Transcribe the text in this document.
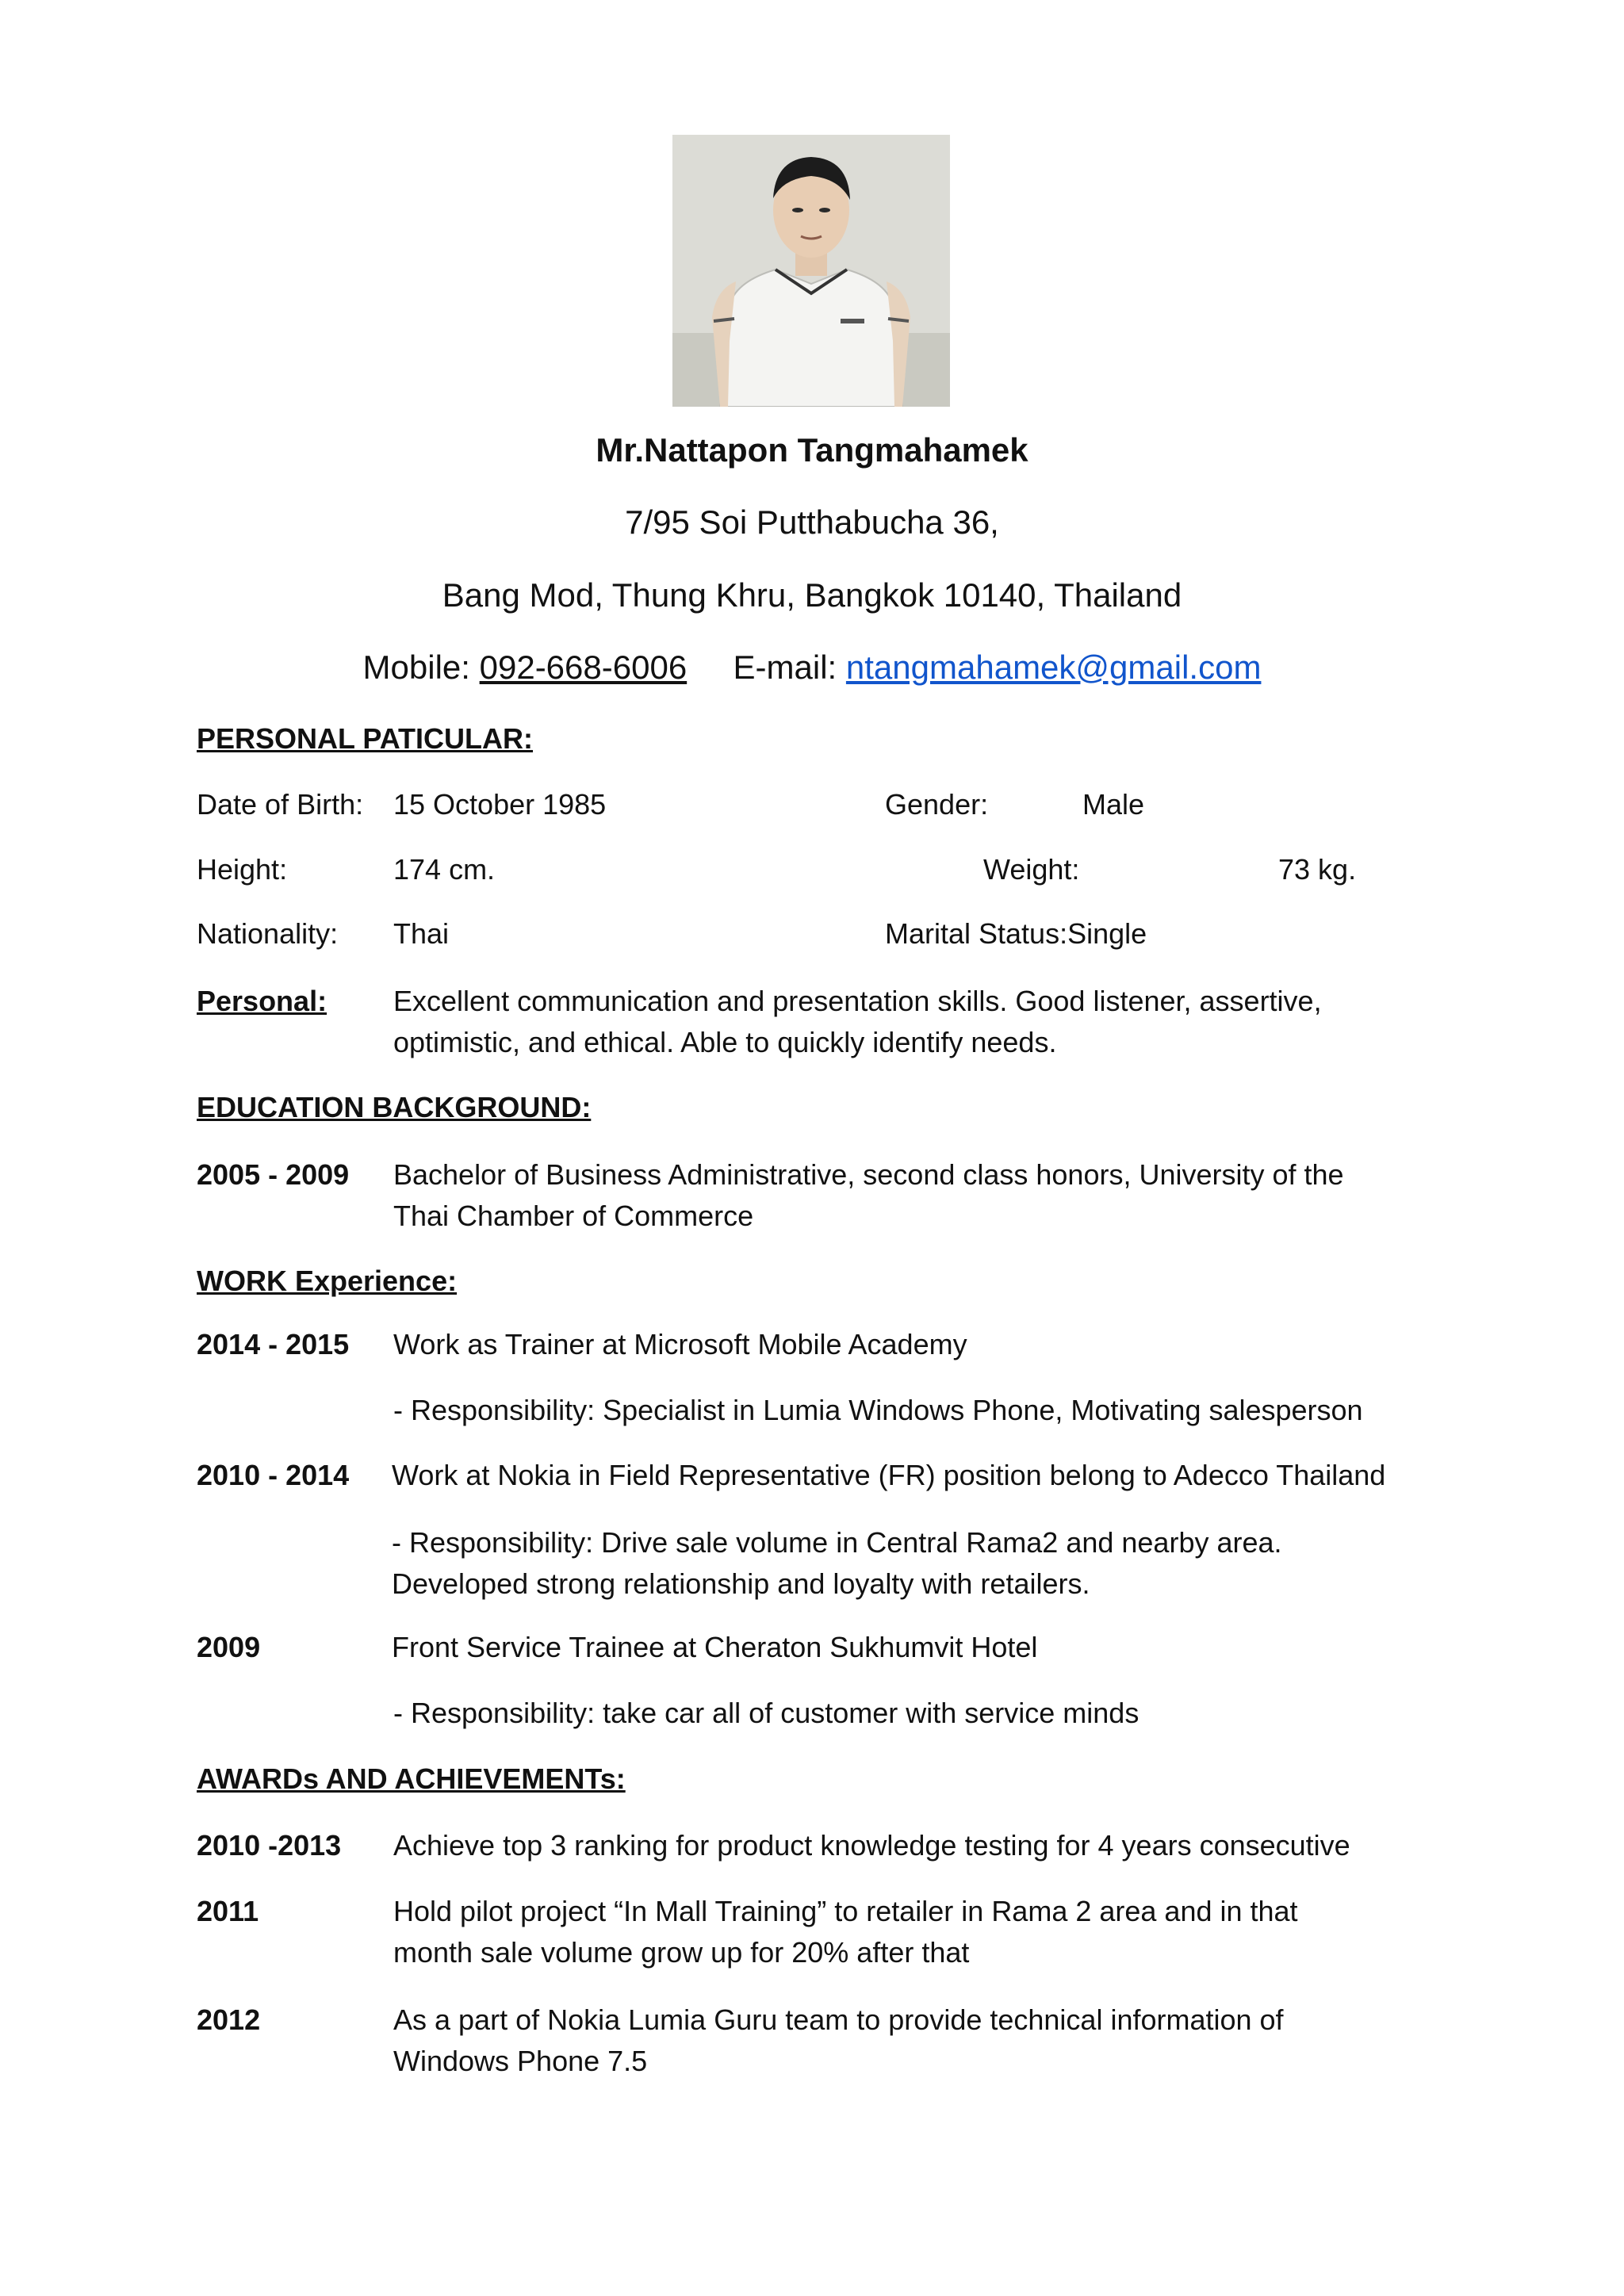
Mr.Nattapon Tangmahamek
7/95 Soi Putthabucha 36,
Bang Mod, Thung Khru, Bangkok 10140, Thailand
Mobile: 092-668-6006 E-mail: ntangmahamek@gmail.com
PERSONAL PATICULAR:
Date of Birth: 15 October 1985	Gender:	Male
Height:	174 cm.	Weight:	73 kg.
Nationality: Thai	Marital Status:Single
Personal: Excellent communication and presentation skills. Good listener, assertive,
optimistic, and ethical. Able to quickly identify needs.
EDUCATION BACKGROUND:
2005 - 2009 Bachelor of Business Administrative, second class honors, University of the
Thai Chamber of Commerce
WORK Experience:
2014 - 2015 Work as Trainer at Microsoft Mobile Academy
- Responsibility: Specialist in Lumia Windows Phone, Motivating salesperson
2010 - 2014 Work at Nokia in Field Representative (FR) position belong to Adecco Thailand
- Responsibility: Drive sale volume in Central Rama2 and nearby area.
Developed strong relationship and loyalty with retailers.
2009	Front Service Trainee at Cheraton Sukhumvit Hotel
- Responsibility: take car all of customer with service minds
AWARDs AND ACHIEVEMENTs:
2010 -2013 Achieve top 3 ranking for product knowledge testing for 4 years consecutive
2011	Hold pilot project “In Mall Training” to retailer in Rama 2 area and in that
month sale volume grow up for 20% after that
2012	As a part of Nokia Lumia Guru team to provide technical information of
Windows Phone 7.5
